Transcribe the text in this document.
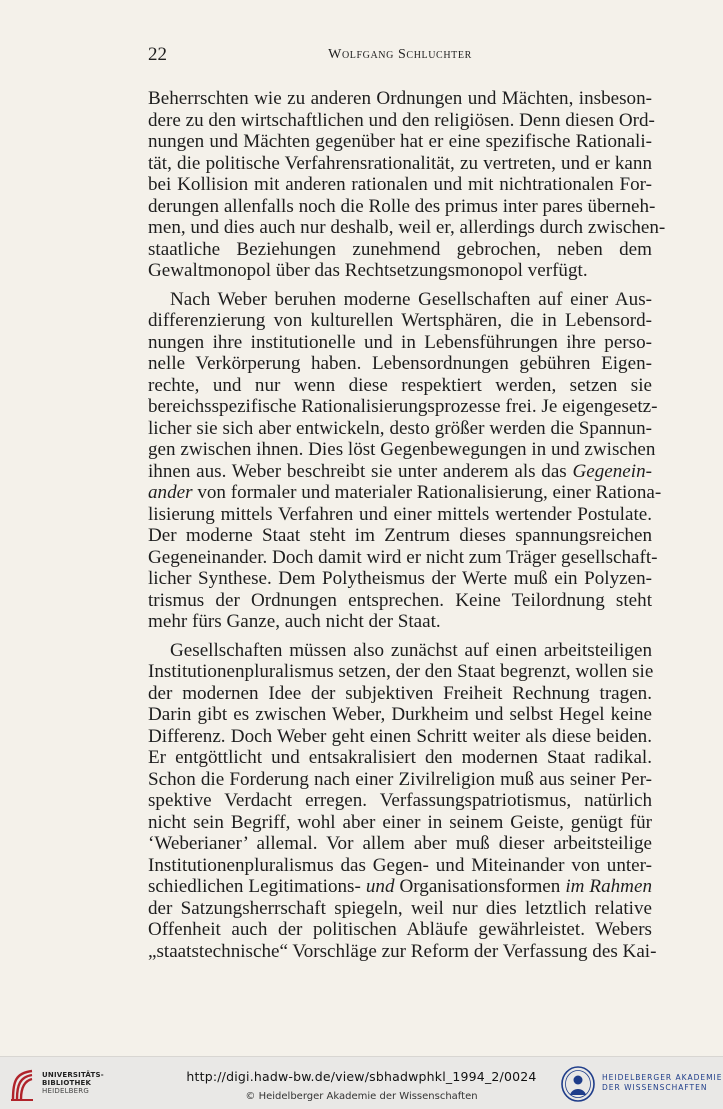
22	Wolfgang Schluchter

Beherrschten wie zu anderen Ordnungen und Mächten, insbeson-
dere zu den wirtschaftlichen und den religiösen. Denn diesen Ord-
nungen und Mächten gegenüber hat er eine spezifische Rationali-
tät, die politische Verfahrensrationalität, zu vertreten, und er kann
bei Kollision mit anderen rationalen und mit nichtrationalen For-
derungen allenfalls noch die Rolle des primus inter pares überneh-
men, und dies auch nur deshalb, weil er, allerdings durch zwischen-
staatliche Beziehungen zunehmend gebrochen, neben dem
Gewaltmonopol über das Rechtsetzungsmonopol verfügt.

Nach Weber beruhen moderne Gesellschaften auf einer Aus-
differenzierung von kulturellen Wertsphären, die in Lebensord-
nungen ihre institutionelle und in Lebensführungen ihre perso-
nelle Verkörperung haben. Lebensordnungen gebühren Eigen-
rechte, und nur wenn diese respektiert werden, setzen sie
bereichsspezifische Rationalisierungsprozesse frei. Je eigengesetz-
licher sie sich aber entwickeln, desto größer werden die Spannun-
gen zwischen ihnen. Dies löst Gegenbewegungen in und zwischen
ihnen aus. Weber beschreibt sie unter anderem als das Gegenein-
ander von formaler und materialer Rationalisierung, einer Rationa-
lisierung mittels Verfahren und einer mittels wertender Postulate.
Der moderne Staat steht im Zentrum dieses spannungsreichen
Gegeneinander. Doch damit wird er nicht zum Träger gesellschaft-
licher Synthese. Dem Polytheismus der Werte muß ein Polyzen-
trismus der Ordnungen entsprechen. Keine Teilordnung steht
mehr fürs Ganze, auch nicht der Staat.

Gesellschaften müssen also zunächst auf einen arbeitsteiligen
Institutionenpluralismus setzen, der den Staat begrenzt, wollen sie
der modernen Idee der subjektiven Freiheit Rechnung tragen.
Darin gibt es zwischen Weber, Durkheim und selbst Hegel keine
Differenz. Doch Weber geht einen Schritt weiter als diese beiden.
Er entgöttlicht und entsakralisiert den modernen Staat radikal.
Schon die Forderung nach einer Zivilreligion muß aus seiner Per-
spektive Verdacht erregen. Verfassungspatriotismus, natürlich
nicht sein Begriff, wohl aber einer in seinem Geiste, genügt für
‘Weberianer’ allemal. Vor allem aber muß dieser arbeitsteilige
Institutionenpluralismus das Gegen- und Miteinander von unter-
schiedlichen Legitimations- und Organisationsformen im Rahmen
der Satzungsherrschaft spiegeln, weil nur dies letztlich relative
Offenheit auch der politischen Abläufe gewährleistet. Webers
„staatstechnische“ Vorschläge zur Reform der Verfassung des Kai-

UNIVERSITÄTS-
BIBLIOTHEK
HEIDELBERG
http://digi.hadw-bw.de/view/sbhadwphkl_1994_2/0024
© Heidelberger Akademie der Wissenschaften
HEIDELBERGER AKADEMIE
DER WISSENSCHAFTEN
